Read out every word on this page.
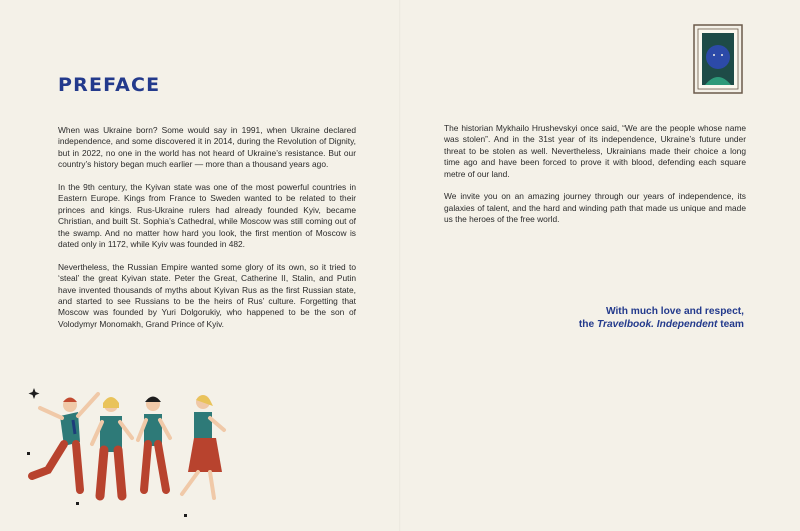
PREFACE

When was Ukraine born? Some would say in 1991, when Ukraine declared independence, and some discovered it in 2014, during the Revolution of Dignity, but in 2022, no one in the world has not heard of Ukraine’s resistance. But our country’s history began much earlier — more than a thousand years ago.

In the 9th century, the Kyivan state was one of the most powerful countries in Eastern Europe. Kings from France to Sweden wanted to be related to their princes and kings. Rus-Ukraine rulers had already founded Kyiv, became Christian, and built St. Sophia’s Cathedral, while Moscow was still coming out of the swamp. And no matter how hard you look, the first mention of Moscow is dated only in 1172, while Kyiv was founded in 482.

Nevertheless, the Russian Empire wanted some glory of its own, so it tried to ‘steal’ the great Kyivan state. Peter the Great, Catherine II, Stalin, and Putin have invented thousands of myths about Kyivan Rus as the first Russian state, and started to see Russians to be the heirs of Rus’ culture. Forgetting that Moscow was founded by Yuri Dolgorukiy, who happened to be the son of Volodymyr Monomakh, Grand Prince of Kyiv.

The historian Mykhailo Hrushevskyi once said, “We are the people whose name was stolen”. And in the 31st year of its independence, Ukraine’s future under threat to be stolen as well. Nevertheless, Ukrainians made their choice a long time ago and have been forced to prove it with blood, defending each square metre of our land.

We invite you on an amazing journey through our years of independence, its galaxies of talent, and the hard and winding path that made us unique and made us the heroes of the free world.

With much love and respect,
the Travelbook. Independent team
